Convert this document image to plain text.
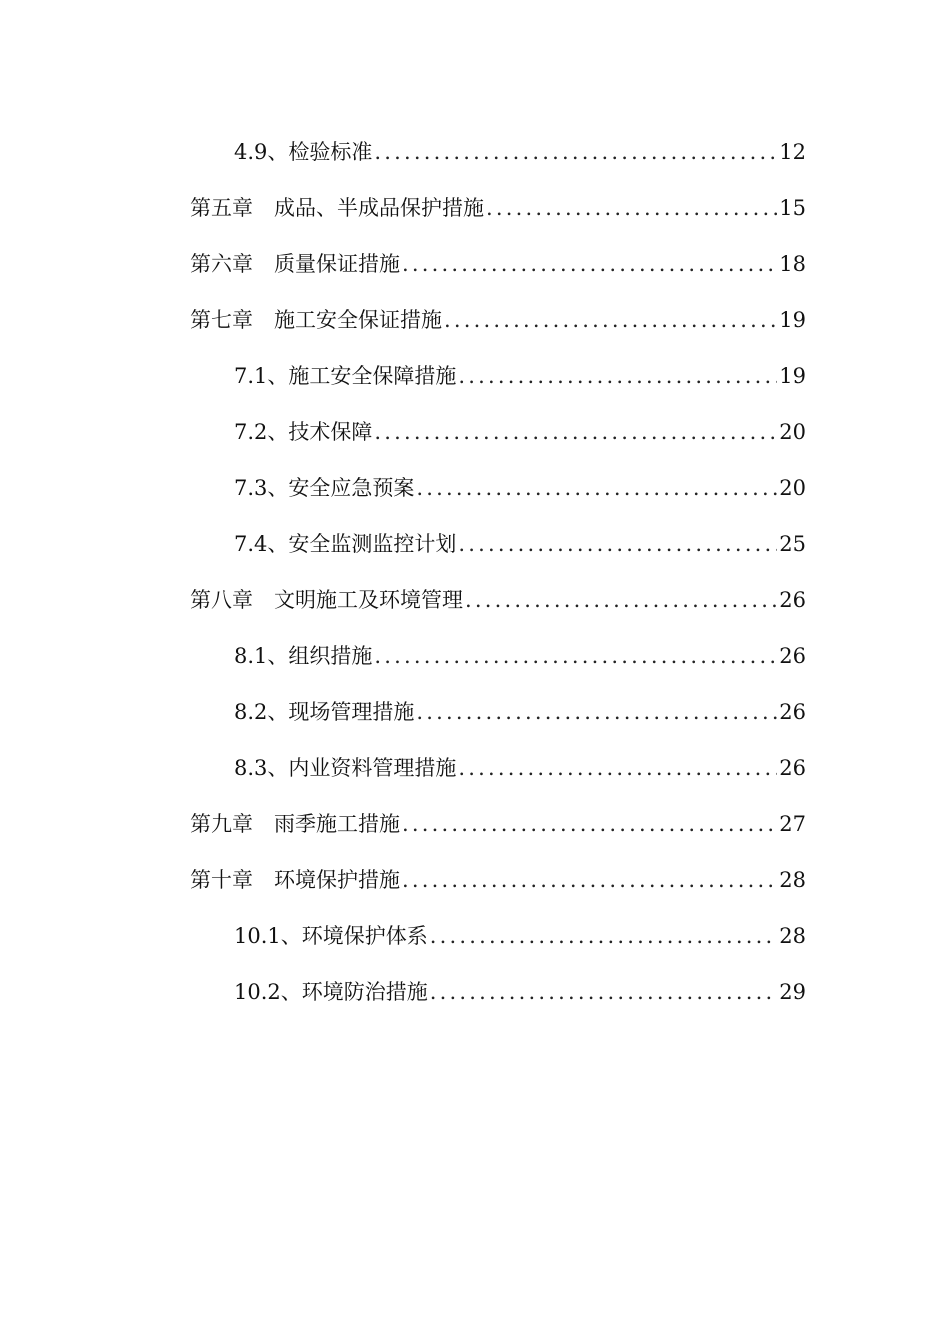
4.9、检验标准 .....	12
第五章　成品、半成品保护措施 .....	15
第六章　质量保证措施 .....	18
第七章　施工安全保证措施 .....	19
7.1、施工安全保障措施 .....	19
7.2、技术保障 .....	20
7.3、安全应急预案 .....	20
7.4、安全监测监控计划 .....	25
第八章　文明施工及环境管理 .....	26
8.1、组织措施 .....	26
8.2、现场管理措施 .....	26
8.3、内业资料管理措施 .....	26
第九章　雨季施工措施 .....	27
第十章　环境保护措施 .....	28
10.1、环境保护体系 .....	28
10.2、环境防治措施 .....	29
